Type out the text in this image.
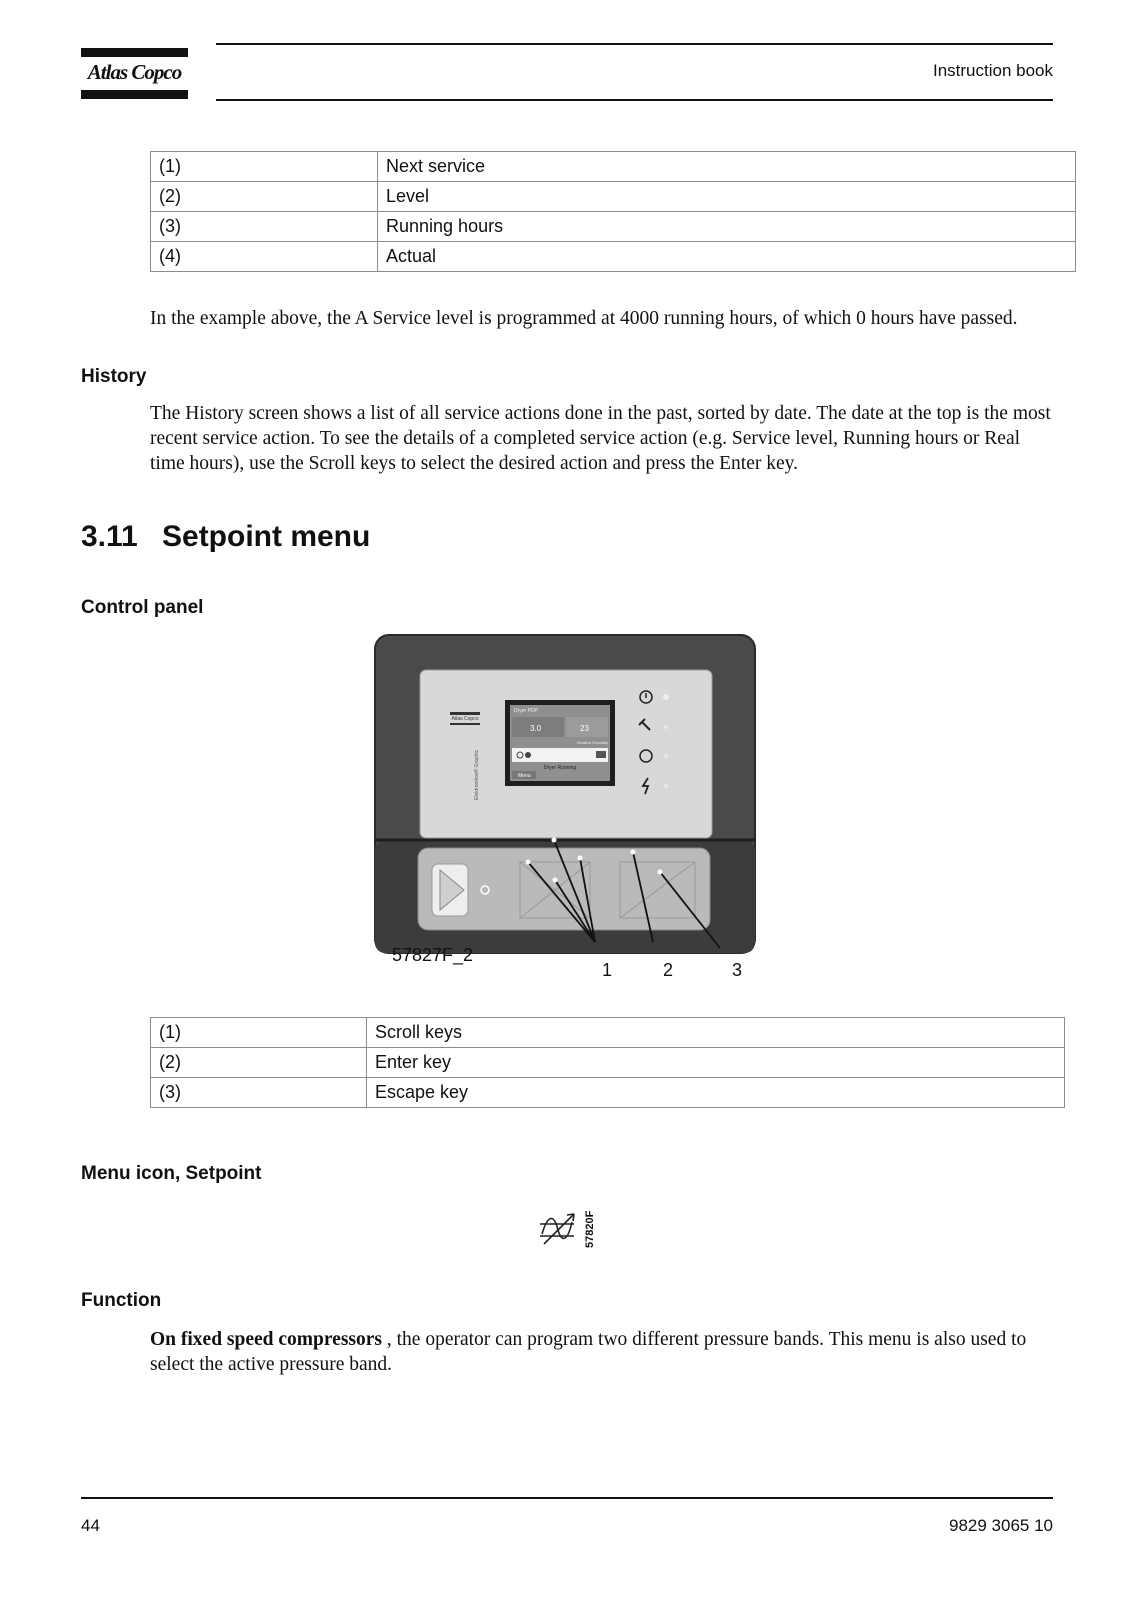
Atlas Copco	Instruction book
(1)	Next service
(2)	Level
(3)	Running hours
(4)	Actual
In the example above, the A Service level is programmed at 4000 running hours, of which 0 hours have passed.
History
The History screen shows a list of all service actions done in the past, sorted by date. The date at the top is the most recent service action. To see the details of a completed service action (e.g. Service level, Running hours or Real time hours), use the Scroll keys to select the desired action and press the Enter key.
3.11 Setpoint menu
Control panel
Atlas Copco
Elektronikon® Graphic
Dryer PDP
3.0	23
Relative Humidity
Dryer Running
Menu
57827F_2
1	2	3
(1)	Scroll keys
(2)	Enter key
(3)	Escape key
Menu icon, Setpoint
57820F
Function
On fixed speed compressors , the operator can program two different pressure bands. This menu is also used to select the active pressure band.
44	9829 3065 10
